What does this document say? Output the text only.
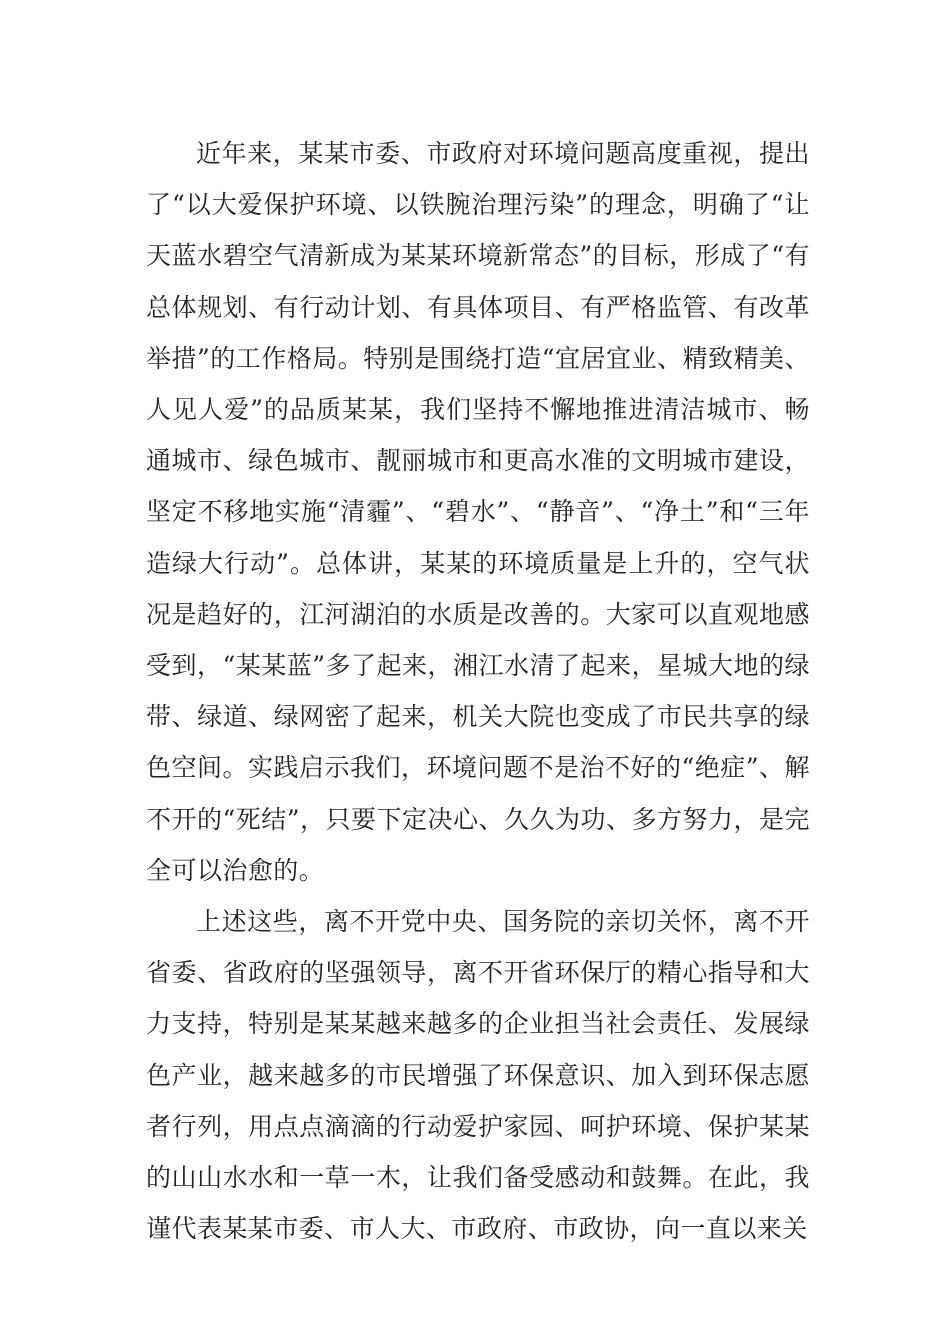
近年来，某某市委、市政府对环境问题高度重视，提出了“以大爱保护环境、以铁腕治理污染”的理念，明确了“让天蓝水碧空气清新成为某某环境新常态”的目标，形成了“有总体规划、有行动计划、有具体项目、有严格监管、有改革举措”的工作格局。特别是围绕打造“宜居宜业、精致精美、人见人爱”的品质某某，我们坚持不懈地推进清洁城市、畅通城市、绿色城市、靓丽城市和更高水准的文明城市建设，坚定不移地实施“清霾”、“碧水”、“静音”、“净土”和“三年造绿大行动”。总体讲，某某的环境质量是上升的，空气状况是趋好的，江河湖泊的水质是改善的。大家可以直观地感受到，“某某蓝”多了起来，湘江水清了起来，星城大地的绿带、绿道、绿网密了起来，机关大院也变成了市民共享的绿色空间。实践启示我们，环境问题不是治不好的“绝症”、解不开的“死结”，只要下定决心、久久为功、多方努力，是完全可以治愈的。

上述这些，离不开党中央、国务院的亲切关怀，离不开省委、省政府的坚强领导，离不开省环保厅的精心指导和大力支持，特别是某某越来越多的企业担当社会责任、发展绿色产业，越来越多的市民增强了环保意识、加入到环保志愿者行列，用点点滴滴的行动爱护家园、呵护环境、保护某某的山山水水和一草一木，让我们备受感动和鼓舞。在此，我谨代表某某市委、市人大、市政府、市政协，向一直以来关
